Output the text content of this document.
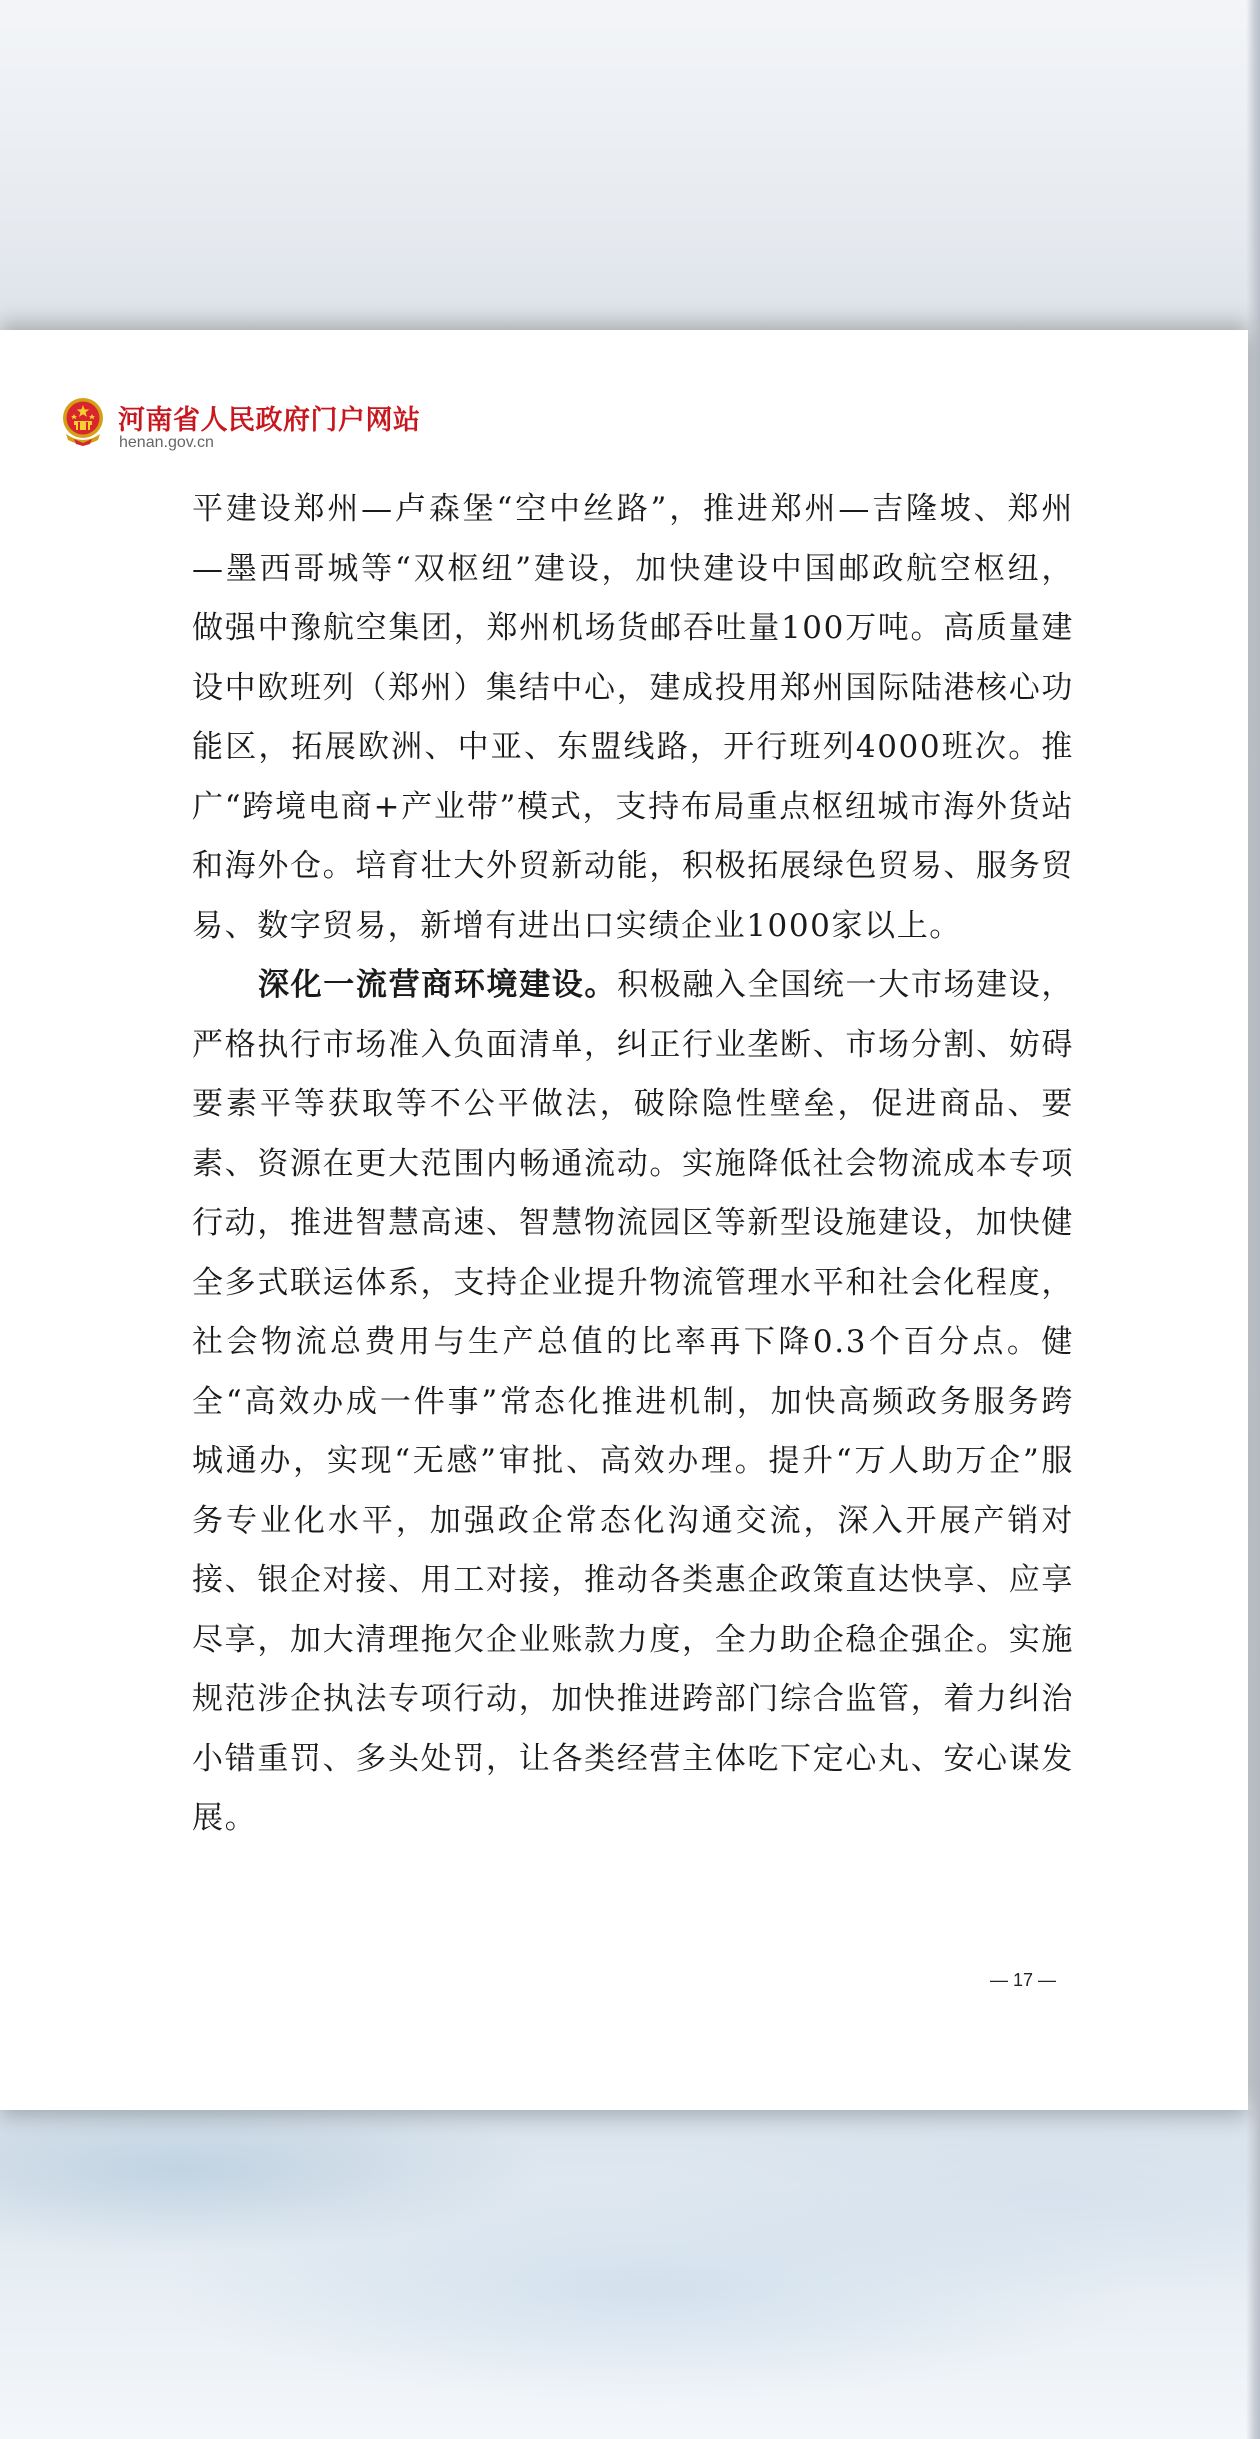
河南省人民政府门户网站
henan.gov.cn

平建设郑州—卢森堡“空中丝路”，推进郑州—吉隆坡、郑州—墨西哥城等“双枢纽”建设，加快建设中国邮政航空枢纽，做强中豫航空集团，郑州机场货邮吞吐量100万吨。高质量建设中欧班列（郑州）集结中心，建成投用郑州国际陆港核心功能区，拓展欧洲、中亚、东盟线路，开行班列4000班次。推广“跨境电商+产业带”模式，支持布局重点枢纽城市海外货站和海外仓。培育壮大外贸新动能，积极拓展绿色贸易、服务贸易、数字贸易，新增有进出口实绩企业1000家以上。

深化一流营商环境建设。积极融入全国统一大市场建设，严格执行市场准入负面清单，纠正行业垄断、市场分割、妨碍要素平等获取等不公平做法，破除隐性壁垒，促进商品、要素、资源在更大范围内畅通流动。实施降低社会物流成本专项行动，推进智慧高速、智慧物流园区等新型设施建设，加快健全多式联运体系，支持企业提升物流管理水平和社会化程度，社会物流总费用与生产总值的比率再下降0.3个百分点。健全“高效办成一件事”常态化推进机制，加快高频政务服务跨城通办，实现“无感”审批、高效办理。提升“万人助万企”服务专业化水平，加强政企常态化沟通交流，深入开展产销对接、银企对接、用工对接，推动各类惠企政策直达快享、应享尽享，加大清理拖欠企业账款力度，全力助企稳企强企。实施规范涉企执法专项行动，加快推进跨部门综合监管，着力纠治小错重罚、多头处罚，让各类经营主体吃下定心丸、安心谋发展。

— 17 —
